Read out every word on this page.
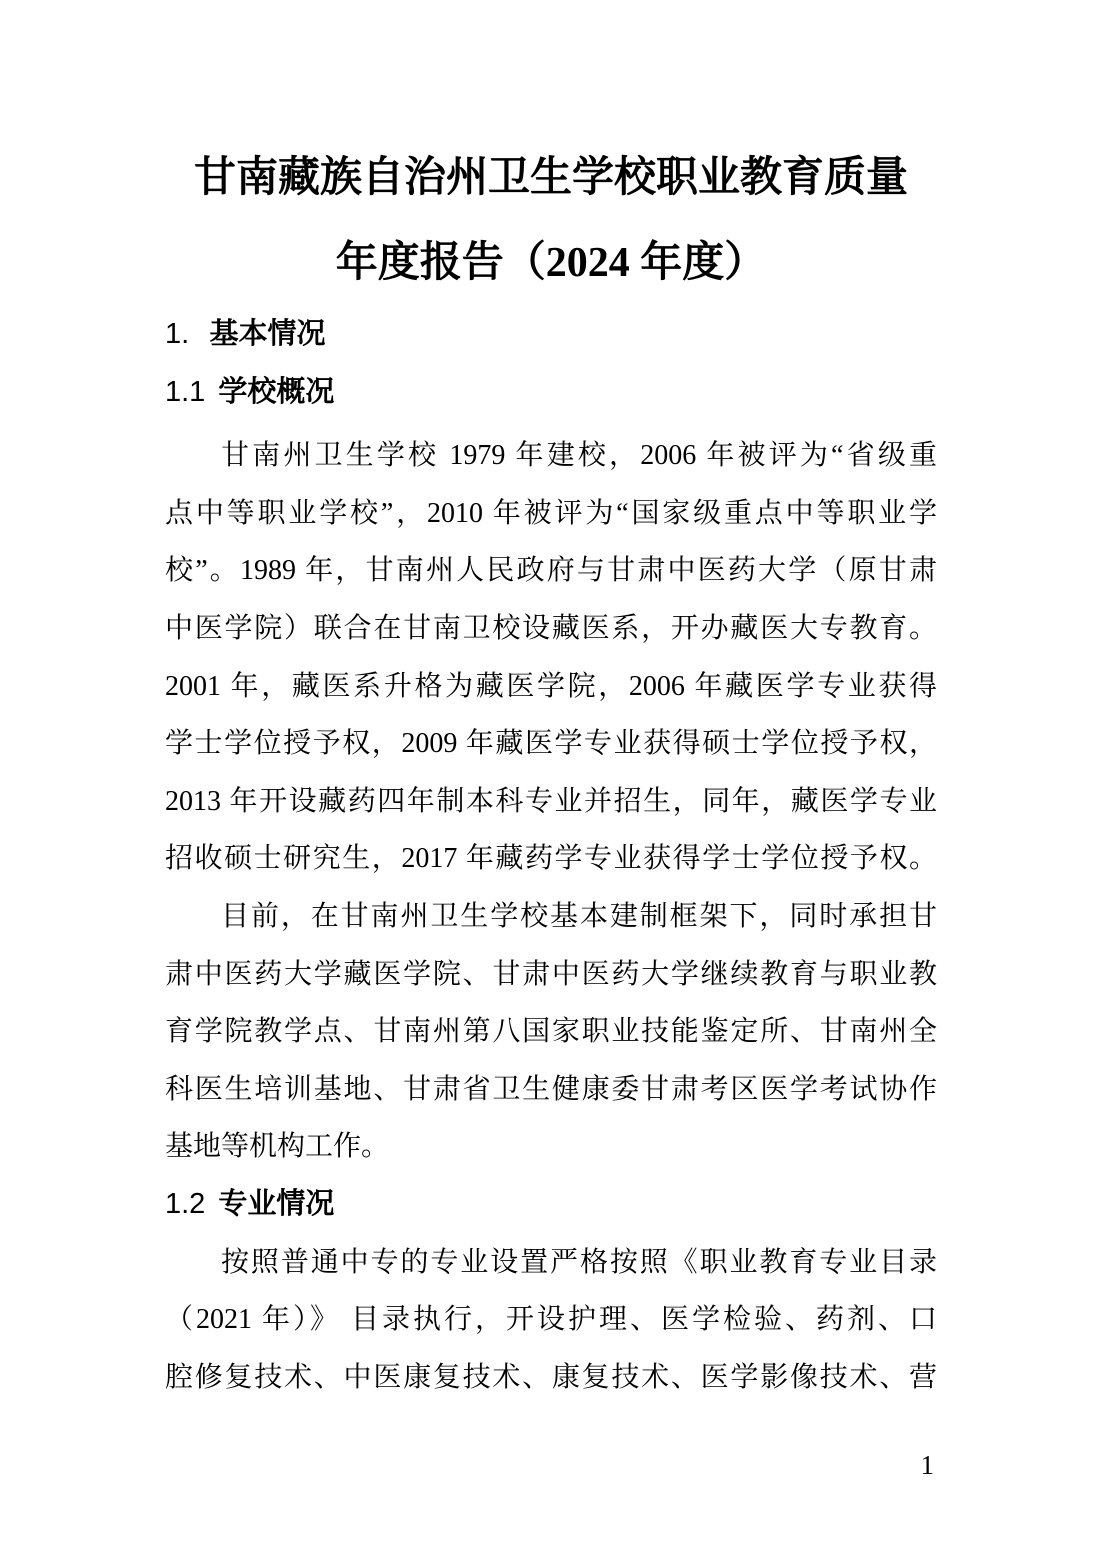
甘南藏族自治州卫生学校职业教育质量
年度报告（2024 年度）
1. 基本情况
1.1 学校概况
甘南州卫生学校 1979 年建校，2006 年被评为“省级重
点中等职业学校”，2010 年被评为“国家级重点中等职业学
校”。1989 年，甘南州人民政府与甘肃中医药大学（原甘肃
中医学院）联合在甘南卫校设藏医系，开办藏医大专教育。
2001 年，藏医系升格为藏医学院，2006 年藏医学专业获得
学士学位授予权，2009 年藏医学专业获得硕士学位授予权，
2013 年开设藏药四年制本科专业并招生，同年，藏医学专业
招收硕士研究生，2017 年藏药学专业获得学士学位授予权。
目前，在甘南州卫生学校基本建制框架下，同时承担甘
肃中医药大学藏医学院、甘肃中医药大学继续教育与职业教
育学院教学点、甘南州第八国家职业技能鉴定所、甘南州全
科医生培训基地、甘肃省卫生健康委甘肃考区医学考试协作
基地等机构工作。
1.2 专业情况
按照普通中专的专业设置严格按照《职业教育专业目录
（2021 年）》 目录执行，开设护理、医学检验、药剂、口
腔修复技术、中医康复技术、康复技术、医学影像技术、营
1
